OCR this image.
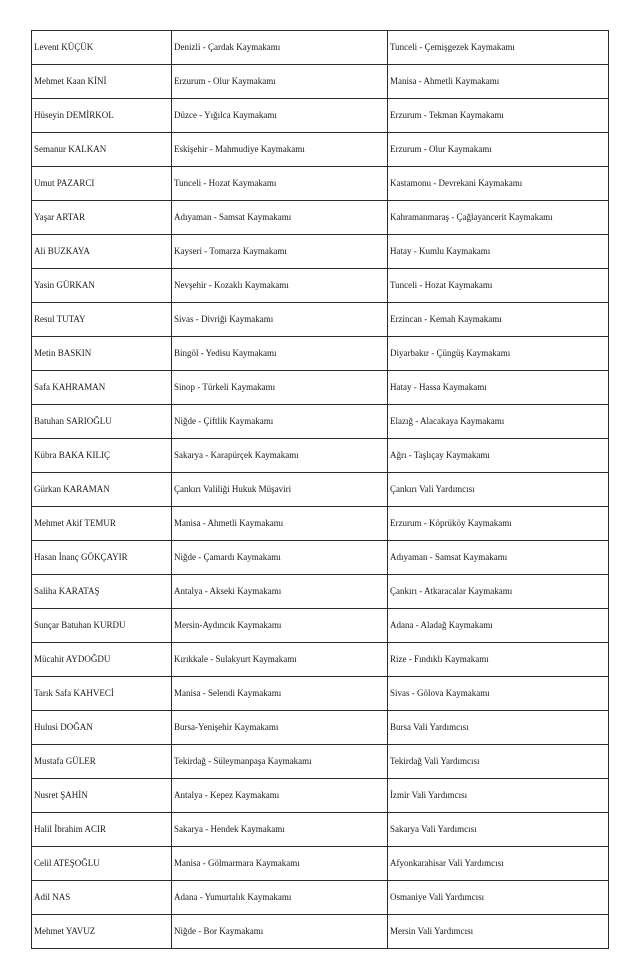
Levent KÜÇÜK	Denizli - Çardak Kaymakamı	Tunceli - Çemişgezek Kaymakamı
Mehmet Kaan KİNİ	Erzurum - Olur Kaymakamı	Manisa - Ahmetli Kaymakamı
Hüseyin DEMİRKOL	Düzce - Yığılca Kaymakamı	Erzurum - Tekman Kaymakamı
Semanur KALKAN	Eskişehir - Mahmudiye Kaymakamı	Erzurum - Olur Kaymakamı
Umut PAZARCI	Tunceli - Hozat Kaymakamı	Kastamonu - Devrekani Kaymakamı
Yaşar ARTAR	Adıyaman - Samsat Kaymakamı	Kahramanmaraş - Çağlayancerit Kaymakamı
Ali BUZKAYA	Kayseri - Tomarza Kaymakamı	Hatay - Kumlu Kaymakamı
Yasin GÜRKAN	Nevşehir - Kozaklı Kaymakamı	Tunceli - Hozat Kaymakamı
Resul TUTAY	Sivas - Divriği Kaymakamı	Erzincan - Kemah Kaymakamı
Metin BASKIN	Bingöl - Yedisu Kaymakamı	Diyarbakır - Çüngüş Kaymakamı
Safa KAHRAMAN	Sinop - Türkeli Kaymakamı	Hatay - Hassa Kaymakamı
Batuhan SARIOĞLU	Niğde - Çiftlik Kaymakamı	Elazığ - Alacakaya Kaymakamı
Kübra BAKA KILIÇ	Sakarya - Karapürçek Kaymakamı	Ağrı - Taşlıçay Kaymakamı
Gürkan KARAMAN	Çankırı Valiliği Hukuk Müşaviri	Çankırı Vali Yardımcısı
Mehmet Akif TEMUR	Manisa - Ahmetli Kaymakamı	Erzurum - Köprüköy Kaymakamı
Hasan İnanç GÖKÇAYIR	Niğde - Çamardı Kaymakamı	Adıyaman - Samsat Kaymakamı
Saliha KARATAŞ	Antalya - Akseki Kaymakamı	Çankırı - Atkaracalar Kaymakamı
Sunçar Batuhan KURDU	Mersin-Aydıncık Kaymakamı	Adana - Aladağ Kaymakamı
Mücahit AYDOĞDU	Kırıkkale - Sulakyurt Kaymakamı	Rize - Fındıklı Kaymakamı
Tarık Safa KAHVECİ	Manisa - Selendi Kaymakamı	Sivas - Gölova Kaymakamı
Hulusi DOĞAN	Bursa-Yenişehir Kaymakamı	Bursa Vali Yardımcısı
Mustafa GÜLER	Tekirdağ - Süleymanpaşa Kaymakamı	Tekirdağ Vali Yardımcısı
Nusret ŞAHİN	Antalya - Kepez Kaymakamı	İzmir Vali Yardımcısı
Halil İbrahim ACIR	Sakarya - Hendek Kaymakamı	Sakarya Vali Yardımcısı
Celil ATEŞOĞLU	Manisa - Gölmarmara Kaymakamı	Afyonkarahisar Vali Yardımcısı
Adil NAS	Adana - Yumurtalık Kaymakamı	Osmaniye Vali Yardımcısı
Mehmet YAVUZ	Niğde - Bor Kaymakamı	Mersin Vali Yardımcısı
